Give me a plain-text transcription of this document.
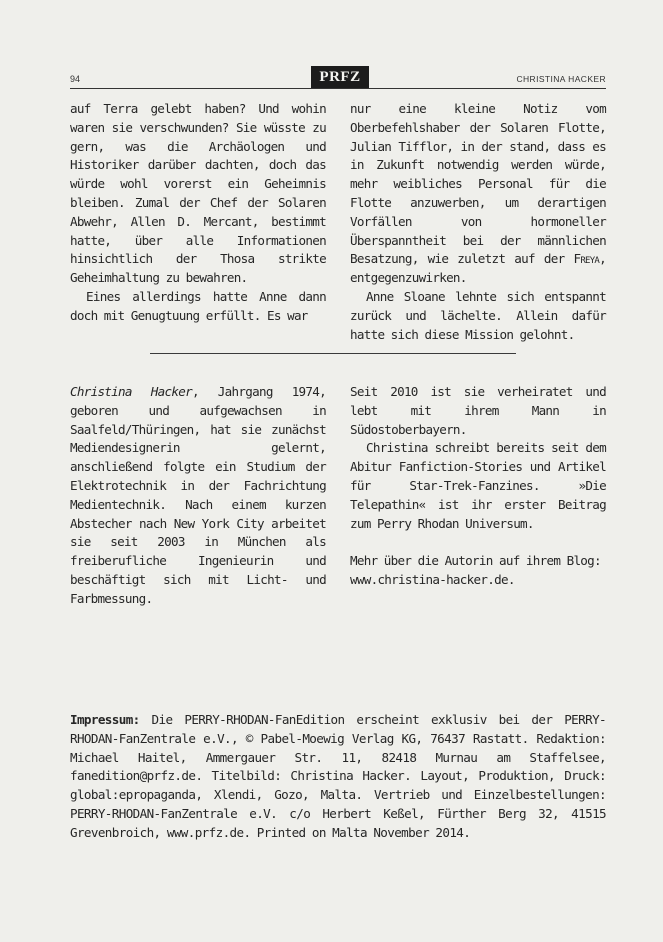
94	PRFZ	CHRISTINA HACKER

auf Terra gelebt haben? Und wohin waren sie verschwunden? Sie wüsste zu gern, was die Archäologen und Historiker darüber dachten, doch das würde wohl vorerst ein Geheimnis bleiben. Zumal der Chef der Solaren Abwehr, Allen D. Mercant, bestimmt hatte, über alle Informationen hinsichtlich der Thosa strikte Geheimhaltung zu bewahren.

Eines allerdings hatte Anne dann doch mit Genugtuung erfüllt. Es war

nur eine kleine Notiz vom Oberbefehlshaber der Solaren Flotte, Julian Tifflor, in der stand, dass es in Zukunft notwendig werden würde, mehr weibliches Personal für die Flotte anzuwerben, um derartigen Vorfällen von hormoneller Überspanntheit bei der männlichen Besatzung, wie zuletzt auf der Freya, entgegenzuwirken.

Anne Sloane lehnte sich entspannt zurück und lächelte. Allein dafür hatte sich diese Mission gelohnt.

Christina Hacker, Jahrgang 1974, geboren und aufgewachsen in Saalfeld/Thüringen, hat sie zunächst Mediendesignerin gelernt, anschließend folgte ein Studium der Elektrotechnik in der Fachrichtung Medientechnik. Nach einem kurzen Abstecher nach New York City arbeitet sie seit 2003 in München als freiberufliche Ingenieurin und beschäftigt sich mit Licht- und Farbmessung.

Seit 2010 ist sie verheiratet und lebt mit ihrem Mann in Südostoberbayern.

Christina schreibt bereits seit dem Abitur Fanfiction-Stories und Artikel für Star-Trek-Fanzines. »Die Telepathin« ist ihr erster Beitrag zum Perry Rhodan Universum.

Mehr über die Autorin auf ihrem Blog:
www.christina-hacker.de.

Impressum: Die PERRY-RHODAN-FanEdition erscheint exklusiv bei der PERRY-RHODAN-FanZentrale e.V., © Pabel-Moewig Verlag KG, 76437 Rastatt. Redaktion: Michael Haitel, Ammergauer Str. 11, 82418 Murnau am Staffelsee, fanedition@prfz.de. Titelbild: Christina Hacker. Layout, Produktion, Druck: global:epropaganda, Xlendi, Gozo, Malta. Vertrieb und Einzelbestellungen: PERRY-RHODAN-FanZentrale e.V. c/o Herbert Keßel, Fürther Berg 32, 41515 Grevenbroich, www.prfz.de. Printed on Malta November 2014.
